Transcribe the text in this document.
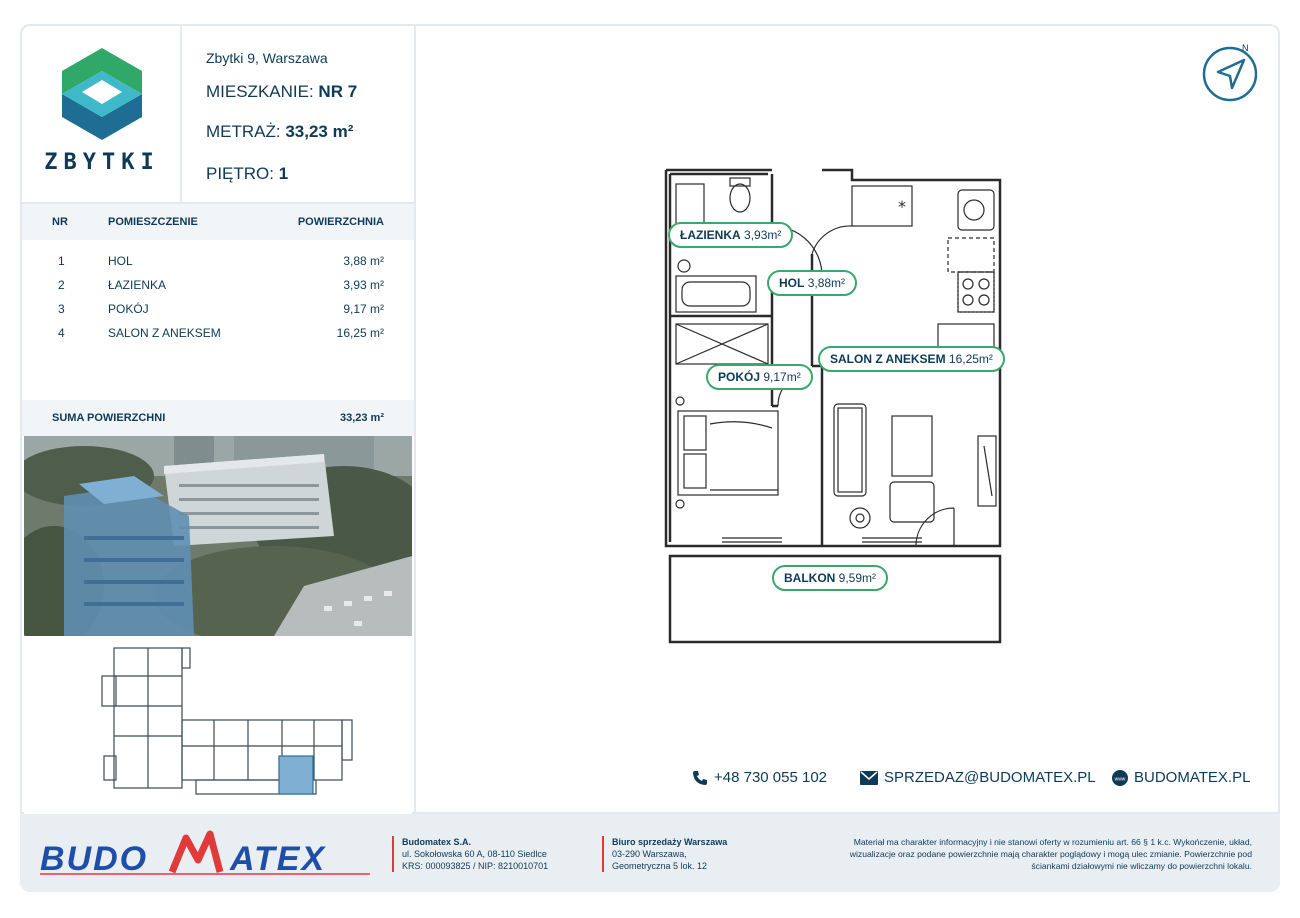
ZBYTKI
Zbytki 9, Warszawa
MIESZKANIE: NR 7
METRAŻ: 33,23 m²
PIĘTRO: 1
NR	POMIESZCZENIE	POWIERZCHNIA
1	HOL	3,88 m²
2	ŁAZIENKA	3,93 m²
3	POKÓJ	9,17 m²
4	SALON Z ANEKSEM	16,25 m²
SUMA POWIERZCHNI	33,23 m²
N
*
ŁAZIENKA 3,93m²
HOL 3,88m²
SALON Z ANEKSEM 16,25m²
POKÓJ 9,17m²
BALKON 9,59m²
+48 730 055 102	SPRZEDAZ@BUDOMATEX.PL	www BUDOMATEX.PL
BUDO ATEX	Budomatex S.A.
ul. Sokołowska 60 A, 08-110 Siedlce
KRS: 000093825 / NIP: 8210010701
Biuro sprzedaży Warszawa
03-290 Warszawa,
Geometryczna 5 lok. 12
Materiał ma charakter informacyjny i nie stanowi oferty w rozumieniu art. 66 § 1 k.c. Wykończenie, układ,
wizualizacje oraz podane powierzchnie mają charakter poglądowy i mogą ulec zmianie. Powierzchnie pod
ściankami działowymi nie wliczamy do powierzchni lokalu.
